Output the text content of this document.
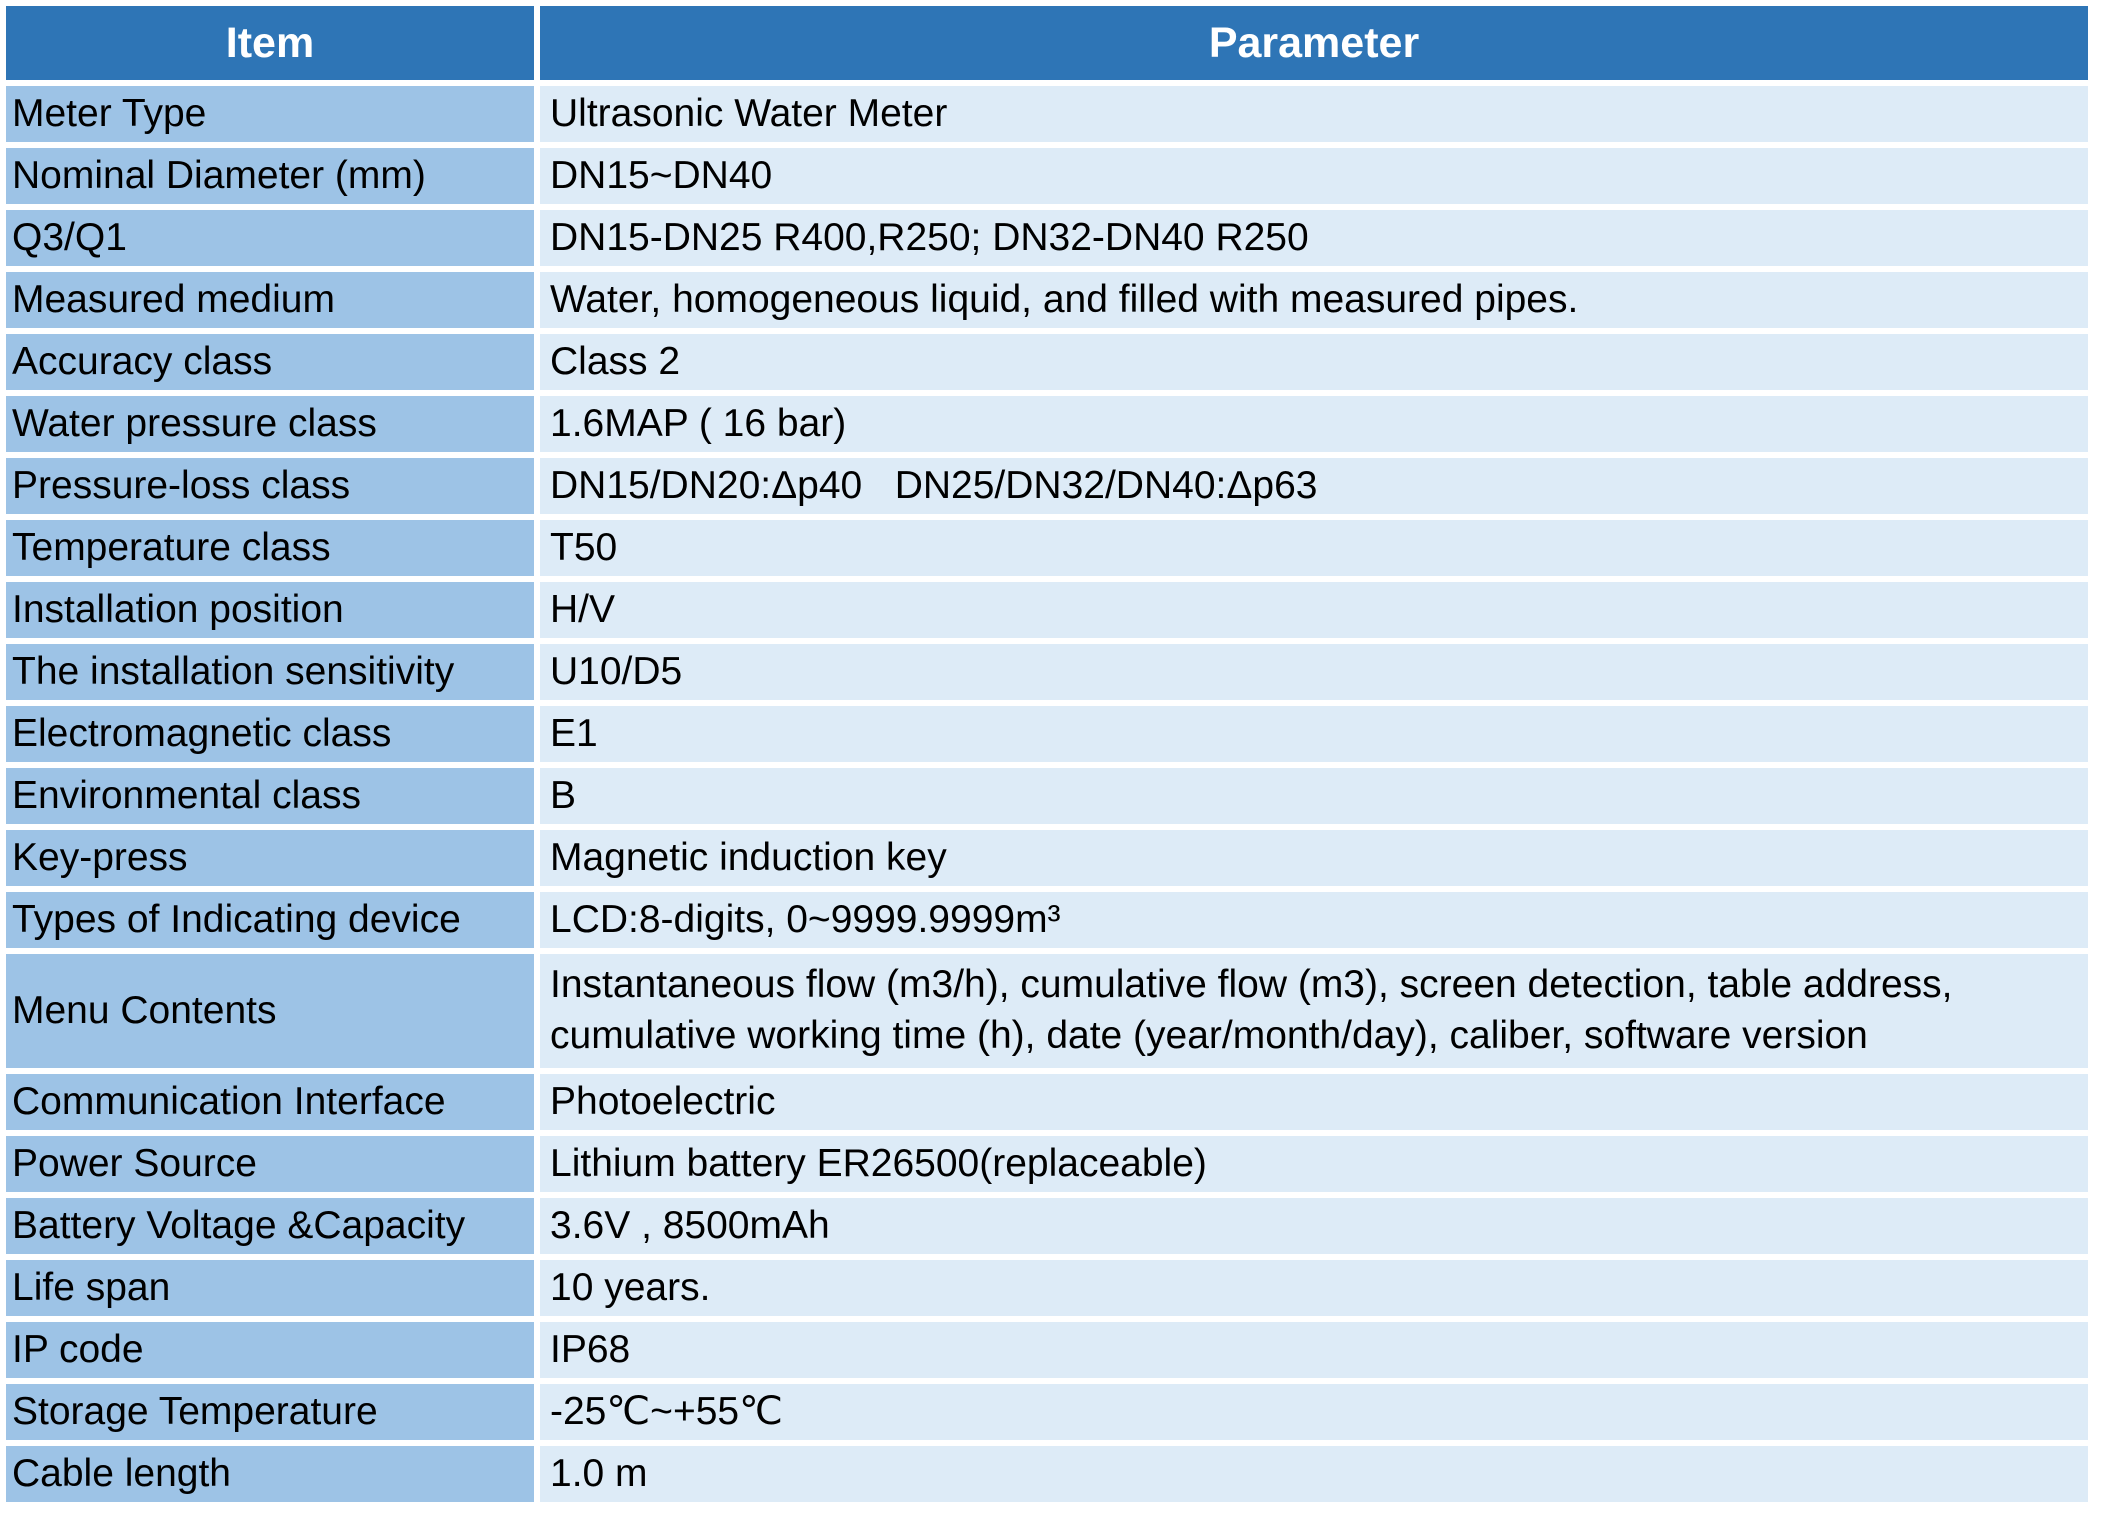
Item	Parameter
Meter Type	Ultrasonic Water Meter
Nominal Diameter (mm)	DN15~DN40
Q3/Q1	DN15-DN25 R400,R250; DN32-DN40 R250
Measured medium	Water, homogeneous liquid, and filled with measured pipes.
Accuracy class	Class 2
Water pressure class	1.6MAP ( 16 bar)
Pressure-loss class	DN15/DN20:Δp40   DN25/DN32/DN40:Δp63
Temperature class	T50
Installation position	H/V
The installation sensitivity	U10/D5
Electromagnetic class	E1
Environmental class	B
Key-press	Magnetic induction key
Types of Indicating device	LCD:8-digits, 0~9999.9999m³
Menu Contents	Instantaneous flow (m3/h), cumulative flow (m3), screen detection, table address,
cumulative working time (h), date (year/month/day), caliber, software version

Communication Interface	Photoelectric
Power Source	Lithium battery ER26500(replaceable)
Battery Voltage &Capacity	3.6V , 8500mAh
Life span	10 years.
IP code	IP68
Storage Temperature	-25℃~+55℃
Cable length	1.0 m
